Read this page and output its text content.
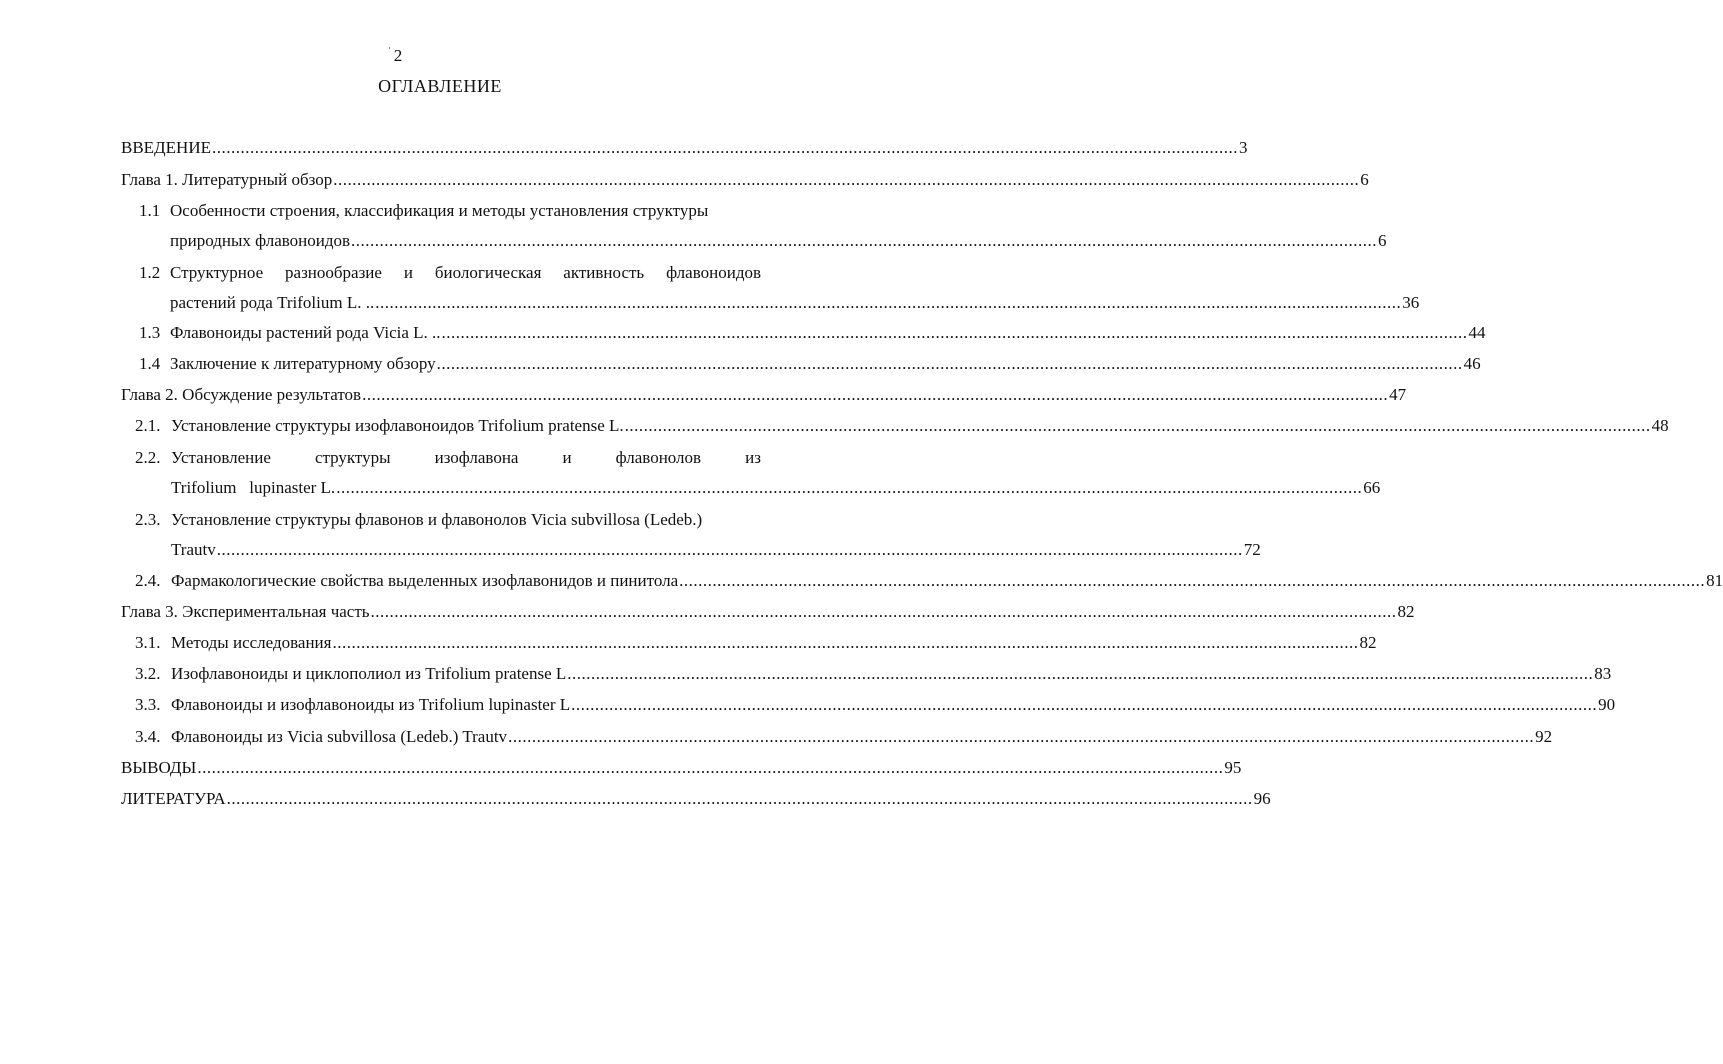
2
ОГЛАВЛЕНИЕ
ВВЕДЕНИЕ ........................................................................................................................................................................................................................ 3
Глава 1. Литературный обзор ........................................................................................................................................................................................................................ 6
1.1 Особенности строения, классификация и методы установления структуры
природных флавоноидов ........................................................................................................................................................................................................................ 6
1.2 Структурное разнообразие и биологическая активность флавоноидов
растений рода Trifolium L. .. ........................................................................................................................................................................................................................ 36
1.3 Флавоноиды растений рода Vicia L. .. ........................................................................................................................................................................................................................ 44
1.4 Заключение к литературному обзору ........................................................................................................................................................................................................................ 46
Глава 2. Обсуждение результатов ........................................................................................................................................................................................................................ 47
2.1. Установление структуры изофлавоноидов Trifolium pratense L. ........................................................................................................................................................................................................................ 48
2.2. Установление	структуры	изофлавона	и	флавонолов	из
Trifolium   lupinaster L. ........................................................................................................................................................................................................................ 66
2.3. Установление структуры флавонов и флавонолов Vicia subvillosa (Ledeb.)
Trautv ........................................................................................................................................................................................................................ 72
2.4. Фармакологические свойства выделенных изофлавонидов и пинитола ........................................................................................................................................................................................................................ 81
Глава 3. Экспериментальная часть ........................................................................................................................................................................................................................ 82
3.1. Методы исследования ........................................................................................................................................................................................................................ 82
3.2. Изофлавоноиды и циклополиол из Trifolium pratense L ........................................................................................................................................................................................................................ 83
3.3. Флавоноиды и изофлавоноиды из Trifolium lupinaster L ........................................................................................................................................................................................................................ 90
3.4. Флавоноиды из Vicia subvillosa (Ledeb.) Trautv ........................................................................................................................................................................................................................ 92
ВЫВОДЫ ........................................................................................................................................................................................................................ 95
ЛИТЕРАТУРА ........................................................................................................................................................................................................................ 96
